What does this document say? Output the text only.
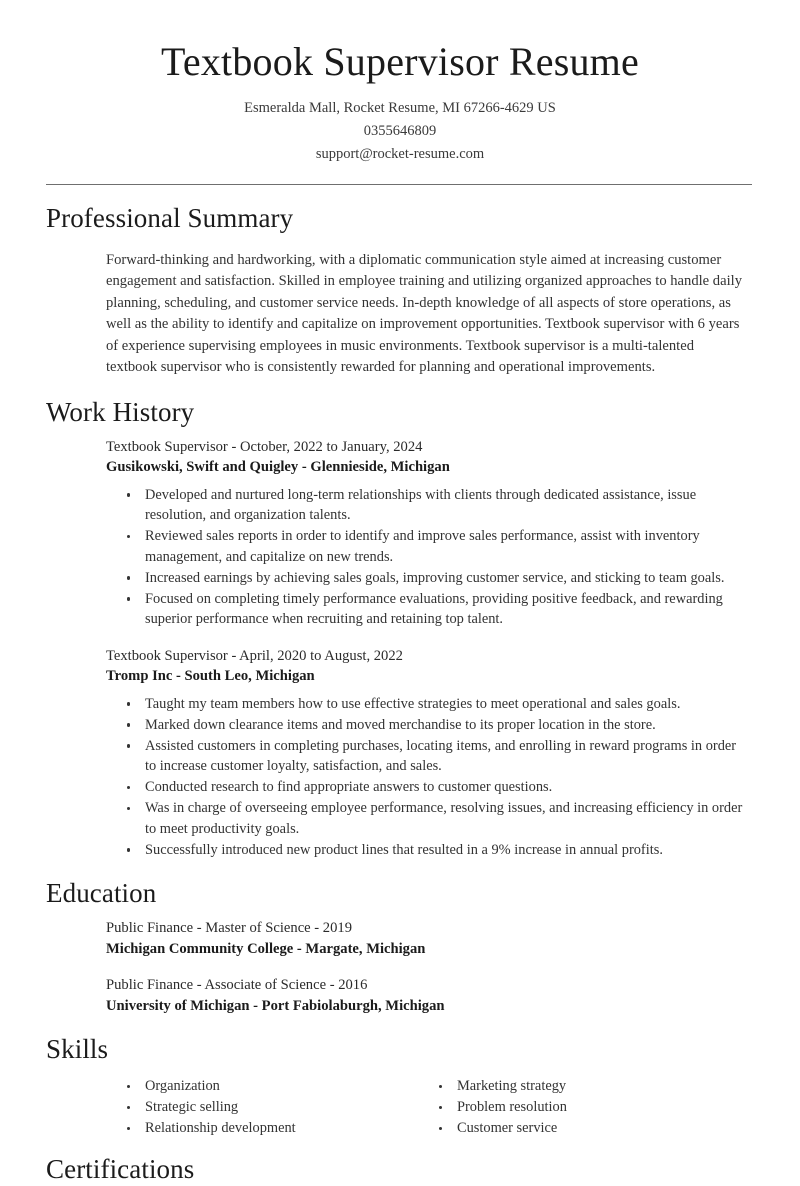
Textbook Supervisor Resume
Esmeralda Mall, Rocket Resume, MI 67266-4629 US
0355646809
support@rocket-resume.com
Professional Summary

Forward-thinking and hardworking, with a diplomatic communication style aimed at increasing customer engagement and satisfaction. Skilled in employee training and utilizing organized approaches to handle daily planning, scheduling, and customer service needs. In-depth knowledge of all aspects of store operations, as well as the ability to identify and capitalize on improvement opportunities. Textbook supervisor with 6 years of experience supervising employees in music environments. Textbook supervisor is a multi-talented textbook supervisor who is consistently rewarded for planning and operational improvements.

Work History
Textbook Supervisor - October, 2022 to January, 2024
Gusikowski, Swift and Quigley - Glennieside, Michigan
Developed and nurtured long-term relationships with clients through dedicated assistance, issue resolution, and organization talents.
Reviewed sales reports in order to identify and improve sales performance, assist with inventory management, and capitalize on new trends.
Increased earnings by achieving sales goals, improving customer service, and sticking to team goals.
Focused on completing timely performance evaluations, providing positive feedback, and rewarding superior performance when recruiting and retaining top talent.
Textbook Supervisor - April, 2020 to August, 2022
Tromp Inc - South Leo, Michigan
Taught my team members how to use effective strategies to meet operational and sales goals.
Marked down clearance items and moved merchandise to its proper location in the store.
Assisted customers in completing purchases, locating items, and enrolling in reward programs in order to increase customer loyalty, satisfaction, and sales.
Conducted research to find appropriate answers to customer questions.
Was in charge of overseeing employee performance, resolving issues, and increasing efficiency in order to meet productivity goals.
Successfully introduced new product lines that resulted in a 9% increase in annual profits.
Education
Public Finance - Master of Science - 2019
Michigan Community College - Margate, Michigan
Public Finance - Associate of Science - 2016
University of Michigan - Port Fabiolaburgh, Michigan
Skills
Organization
Strategic selling
Relationship development
Marketing strategy
Problem resolution
Customer service
Certifications
